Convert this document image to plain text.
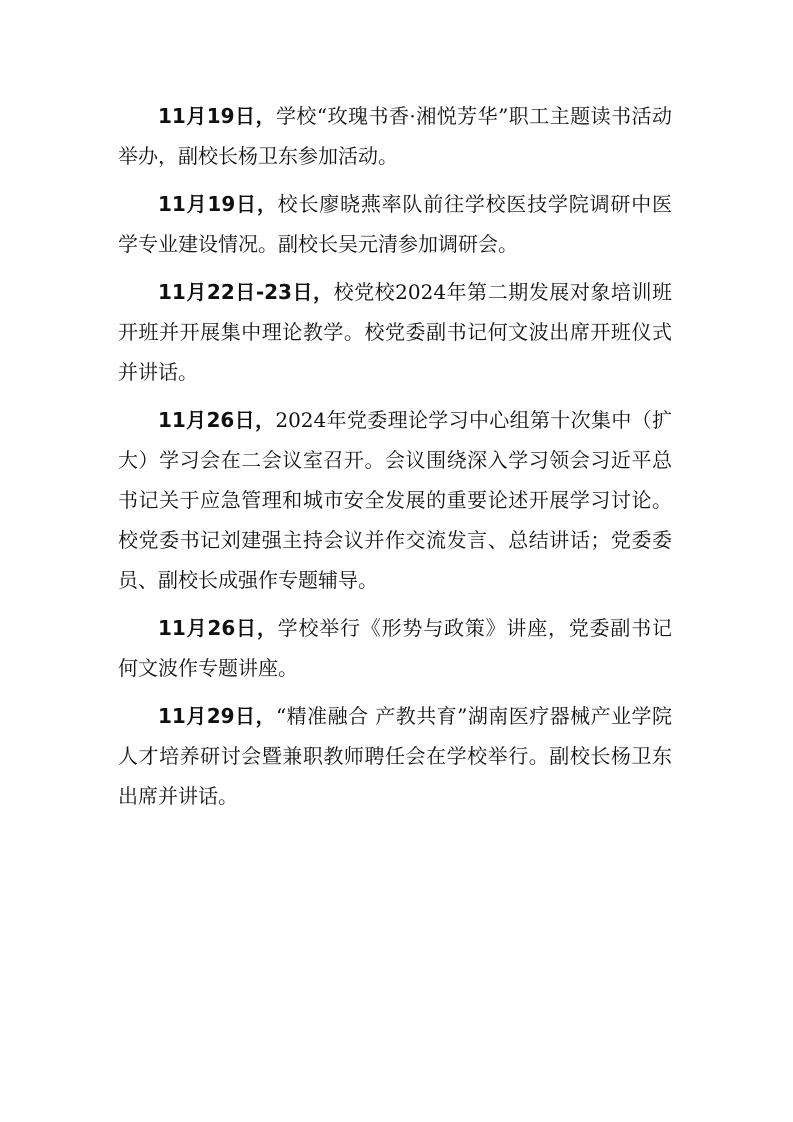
11月19日，学校“玫瑰书香·湘悦芳华”职工主题读书活动举办，副校长杨卫东参加活动。

11月19日，校长廖晓燕率队前往学校医技学院调研中医学专业建设情况。副校长吴元清参加调研会。

11月22日-23日，校党校2024年第二期发展对象培训班开班并开展集中理论教学。校党委副书记何文波出席开班仪式并讲话。

11月26日，2024年党委理论学习中心组第十次集中（扩大）学习会在二会议室召开。会议围绕深入学习领会习近平总书记关于应急管理和城市安全发展的重要论述开展学习讨论。校党委书记刘建强主持会议并作交流发言、总结讲话；党委委员、副校长成强作专题辅导。

11月26日，学校举行《形势与政策》讲座，党委副书记何文波作专题讲座。

11月29日，“精准融合 产教共育”湖南医疗器械产业学院人才培养研讨会暨兼职教师聘任会在学校举行。副校长杨卫东出席并讲话。
